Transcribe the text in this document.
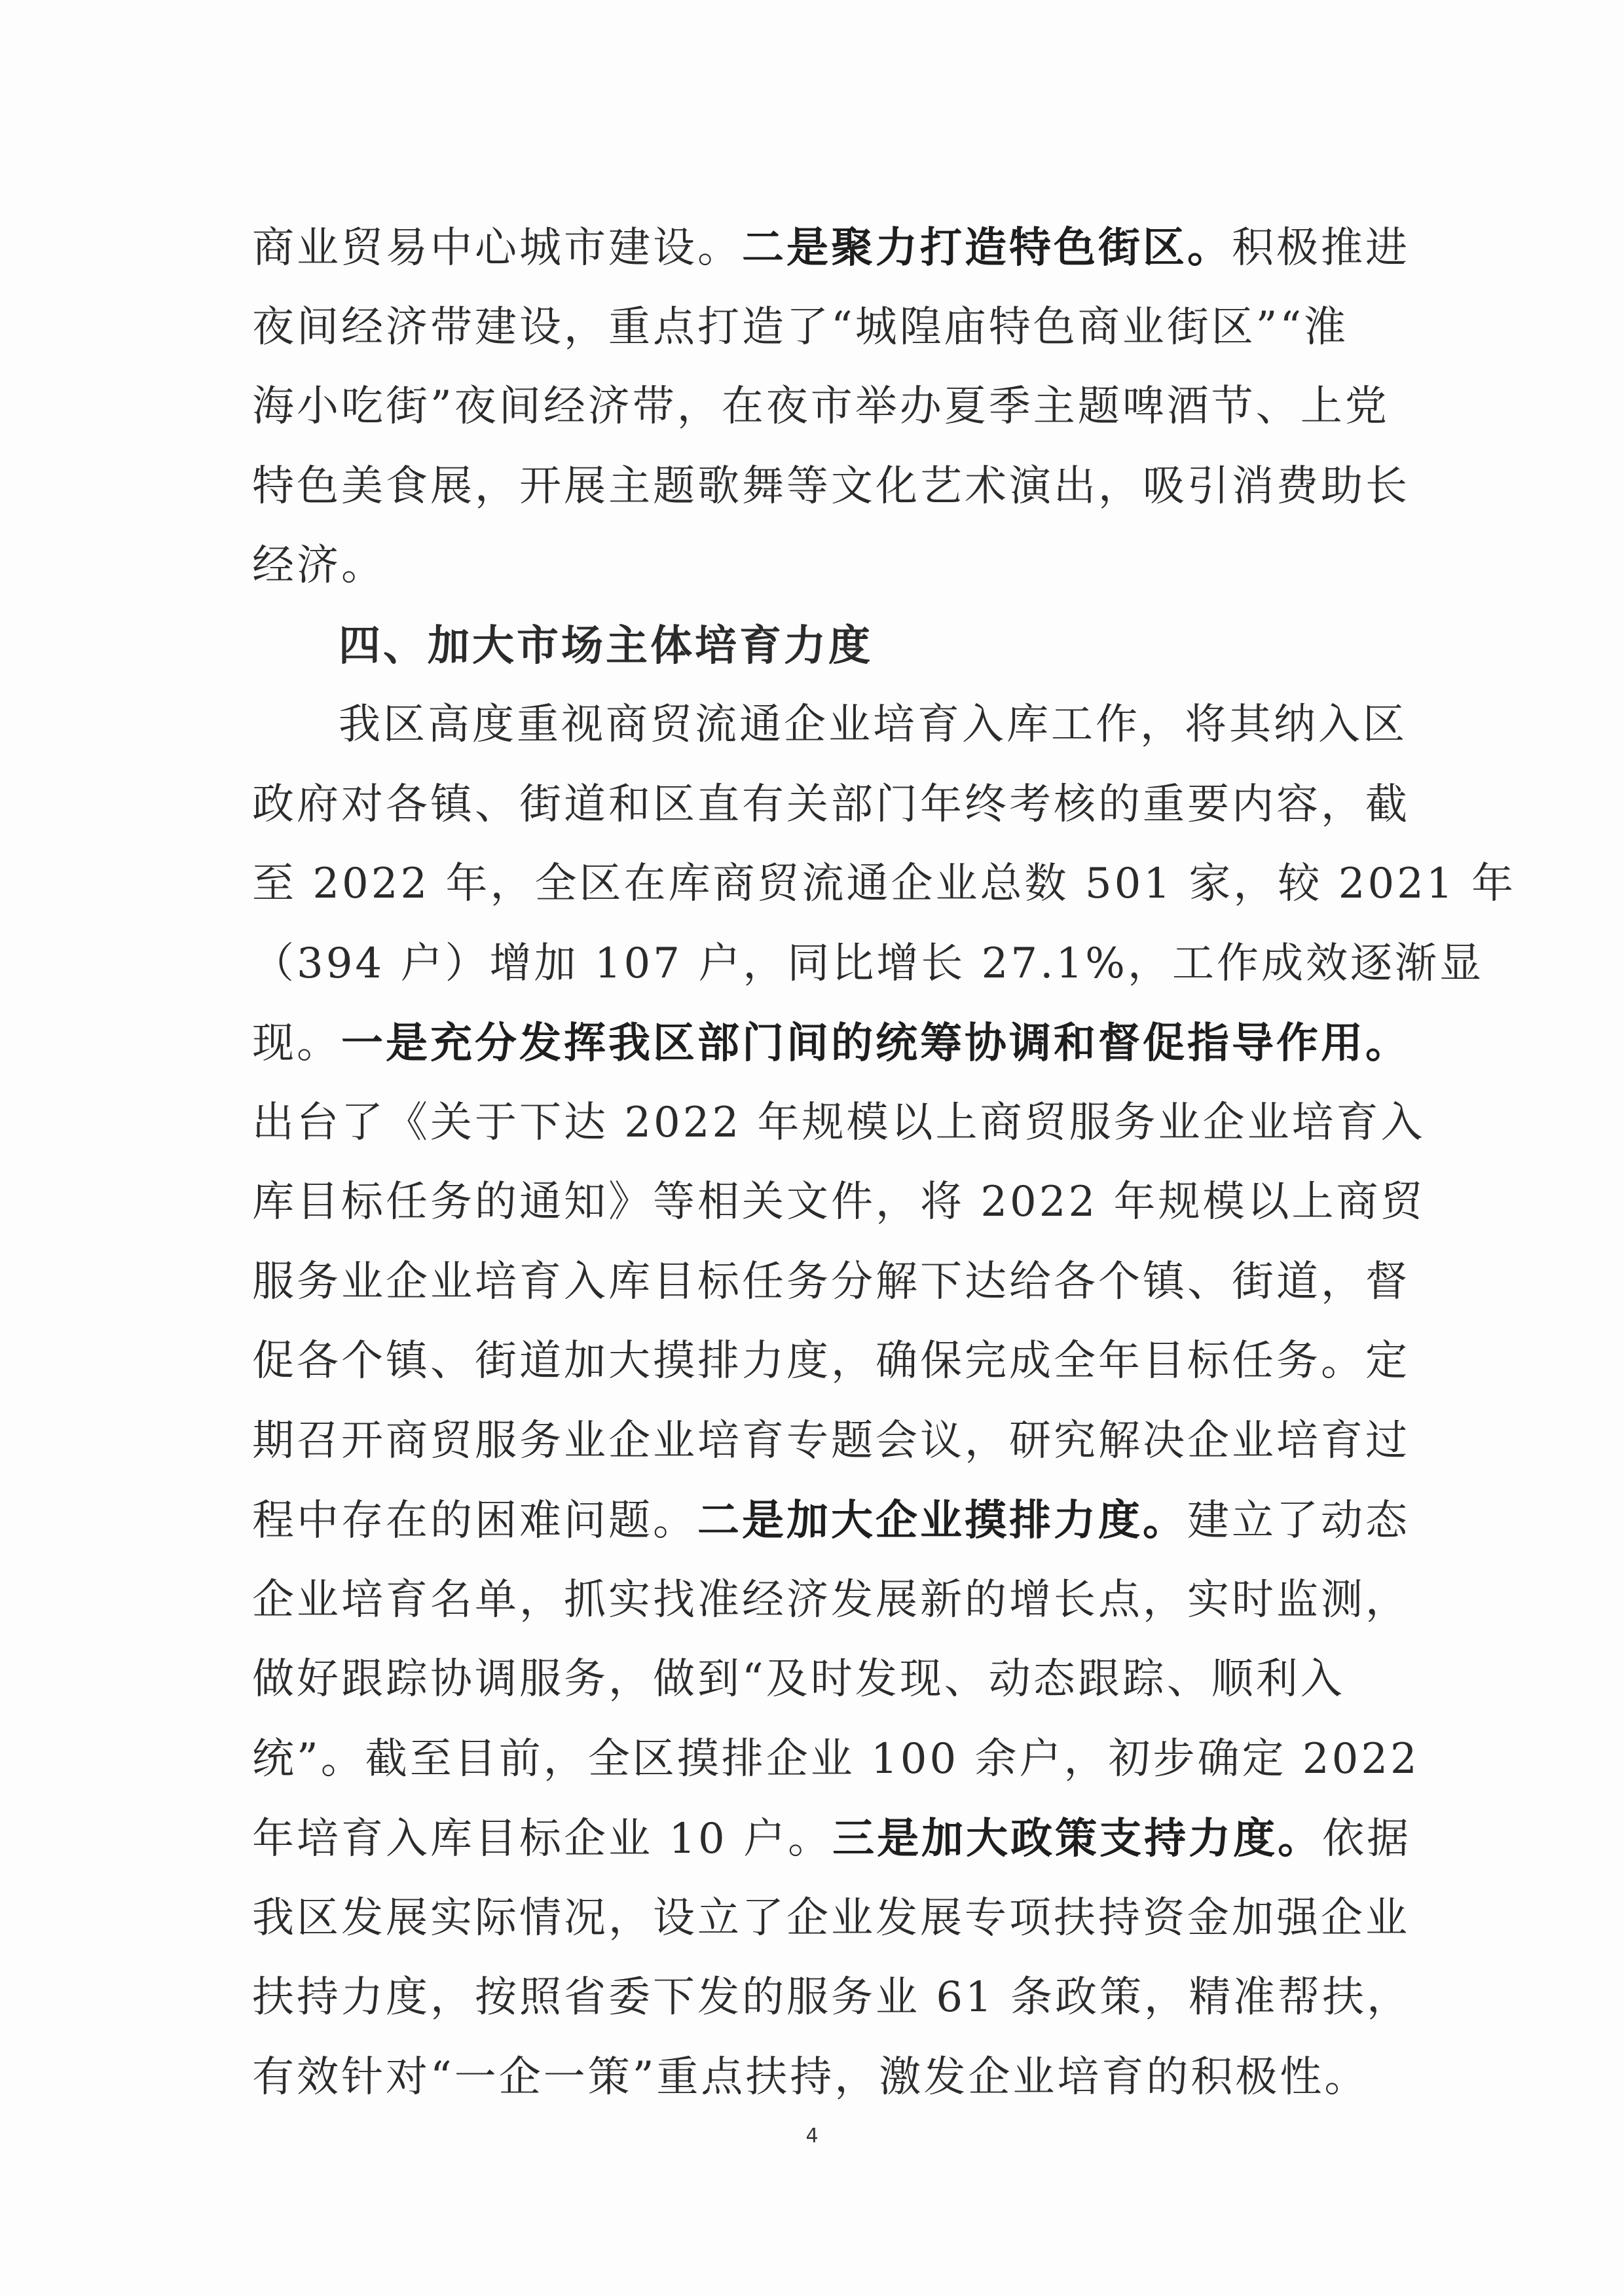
商业贸易中心城市建设。二是聚力打造特色街区。积极推进
夜间经济带建设，重点打造了“城隍庙特色商业街区”“淮
海小吃街”夜间经济带，在夜市举办夏季主题啤酒节、上党
特色美食展，开展主题歌舞等文化艺术演出，吸引消费助长
经济。
四、加大市场主体培育力度
我区高度重视商贸流通企业培育入库工作，将其纳入区
政府对各镇、街道和区直有关部门年终考核的重要内容，截
至 2022 年，全区在库商贸流通企业总数 501 家，较 2021 年
（394 户）增加 107 户，同比增长 27.1%，工作成效逐渐显
现。一是充分发挥我区部门间的统筹协调和督促指导作用。
出台了《关于下达 2022 年规模以上商贸服务业企业培育入
库目标任务的通知》等相关文件，将 2022 年规模以上商贸
服务业企业培育入库目标任务分解下达给各个镇、街道，督
促各个镇、街道加大摸排力度，确保完成全年目标任务。定
期召开商贸服务业企业培育专题会议，研究解决企业培育过
程中存在的困难问题。二是加大企业摸排力度。建立了动态
企业培育名单，抓实找准经济发展新的增长点，实时监测，
做好跟踪协调服务，做到“及时发现、动态跟踪、顺利入
统”。截至目前，全区摸排企业 100 余户，初步确定 2022
年培育入库目标企业 10 户。三是加大政策支持力度。依据
我区发展实际情况，设立了企业发展专项扶持资金加强企业
扶持力度，按照省委下发的服务业 61 条政策，精准帮扶，
有效针对“一企一策”重点扶持，激发企业培育的积极性。
4
